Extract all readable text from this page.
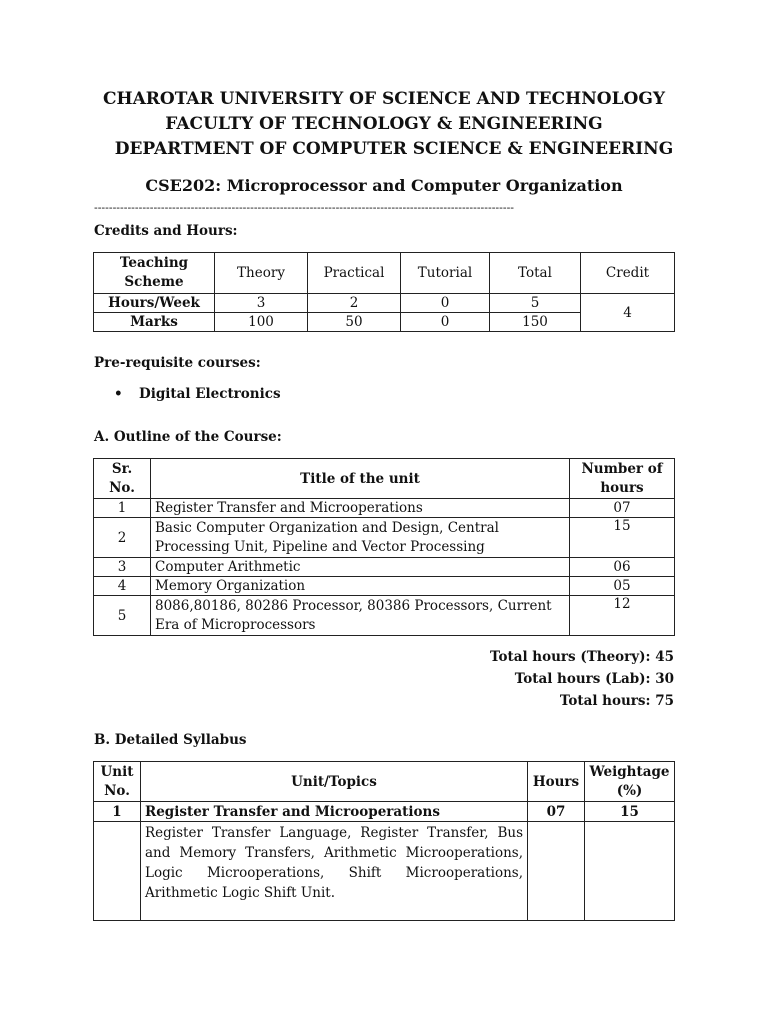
CHAROTAR UNIVERSITY OF SCIENCE AND TECHNOLOGY
FACULTY OF TECHNOLOGY & ENGINEERING
DEPARTMENT OF COMPUTER SCIENCE & ENGINEERING
CSE202: Microprocessor and Computer Organization
-----------------------------------------------------------------------------------------------------------------
Credits and Hours:
Teaching Scheme	Theory	Practical	Tutorial	Total	Credit
Hours/Week	3	2	0	5	4
Marks	100	50	0	150	
Pre-requisite courses:
• Digital Electronics
A. Outline of the Course:
Sr. No.	Title of the unit	Number of hours
1	Register Transfer and Microoperations	07
2	Basic Computer Organization and Design, Central Processing Unit, Pipeline and Vector Processing	15
3	Computer Arithmetic	06
4	Memory Organization	05
5	8086,80186, 80286 Processor, 80386 Processors, Current Era of Microprocessors	12
Total hours (Theory): 45
Total hours (Lab): 30
Total hours: 75
B. Detailed Syllabus
Unit No.	Unit/Topics	Hours	Weightage (%)
1	Register Transfer and Microoperations	07	15
	Register Transfer Language, Register Transfer, Bus and Memory Transfers, Arithmetic Microoperations, Logic Microoperations, Shift Microoperations, Arithmetic Logic Shift Unit.		
